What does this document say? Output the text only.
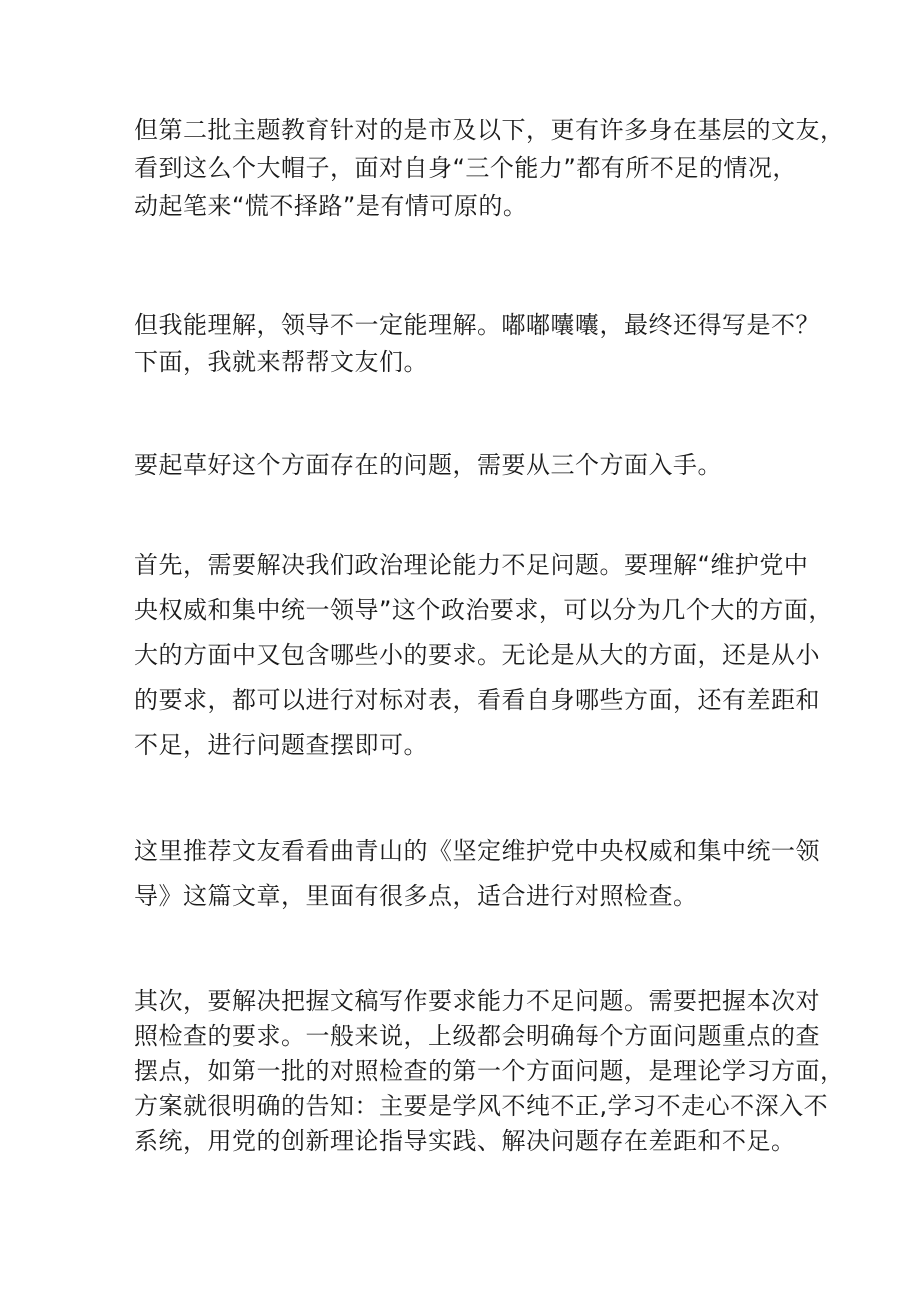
但第二批主题教育针对的是市及以下，更有许多身在基层的文友，
看到这么个大帽子，面对自身“三个能力”都有所不足的情况，
动起笔来“慌不择路”是有情可原的。
但我能理解，领导不一定能理解。嘟嘟囔囔，最终还得写是不？
下面，我就来帮帮文友们。
要起草好这个方面存在的问题，需要从三个方面入手。
首先，需要解决我们政治理论能力不足问题。要理解“维护党中
央权威和集中统一领导”这个政治要求，可以分为几个大的方面，
大的方面中又包含哪些小的要求。无论是从大的方面，还是从小
的要求，都可以进行对标对表，看看自身哪些方面，还有差距和
不足，进行问题查摆即可。
这里推荐文友看看曲青山的《坚定维护党中央权威和集中统一领
导》这篇文章，里面有很多点，适合进行对照检查。
其次，要解决把握文稿写作要求能力不足问题。需要把握本次对
照检查的要求。一般来说，上级都会明确每个方面问题重点的查
摆点，如第一批的对照检查的第一个方面问题，是理论学习方面，
方案就很明确的告知：主要是学风不纯不正,学习不走心不深入不
系统，用党的创新理论指导实践、解决问题存在差距和不足。
